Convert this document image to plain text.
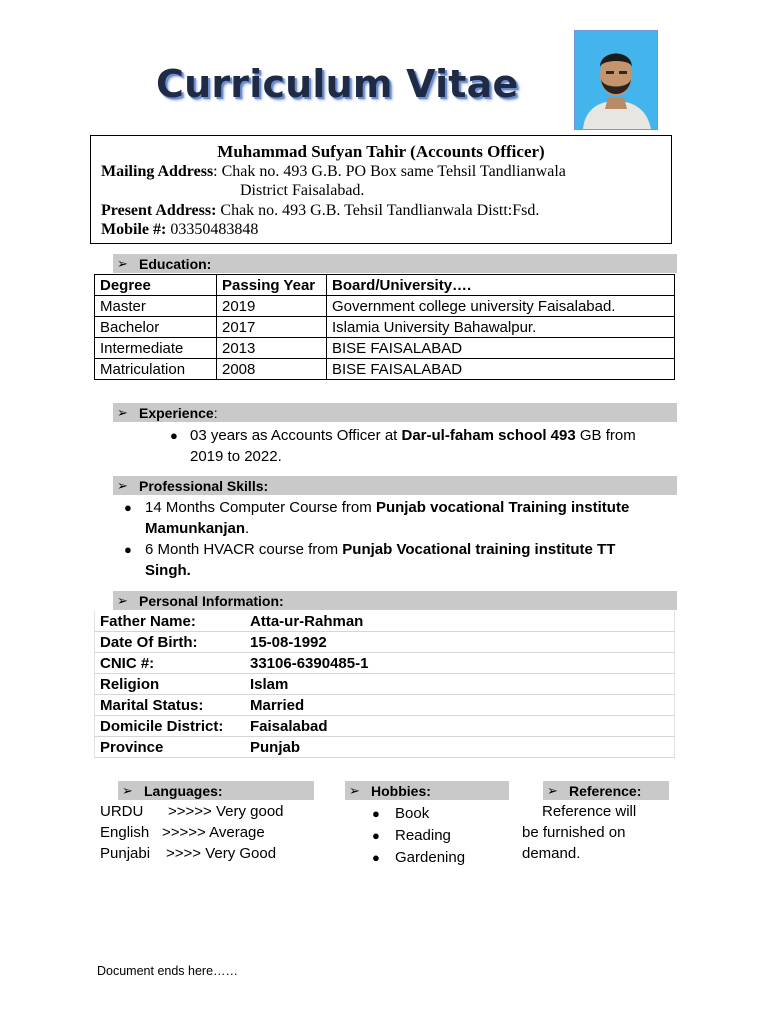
Curriculum Vitae
Muhammad Sufyan Tahir (Accounts Officer)
Mailing Address: Chak no. 493 G.B. PO Box same Tehsil Tandlianwala
District Faisalabad.
Present Address: Chak no. 493 G.B. Tehsil Tandlianwala Distt:Fsd.
Mobile #: 03350483848
➢ Education:
Degree	Passing Year	Board/University….
Master	2019	Government college university Faisalabad.
Bachelor	2017	Islamia University Bahawalpur.
Intermediate	2013	BISE FAISALABAD
Matriculation	2008	BISE FAISALABAD
➢ Experience :
● 03 years as Accounts Officer at Dar-ul-faham school 493 GB from
2019 to 2022.
➢ Professional Skills:
● 14 Months Computer Course from Punjab vocational Training institute
Mamunkanjan.
● 6 Month HVACR course from Punjab Vocational training institute TT
Singh.
➢ Personal Information:
Father Name:	Atta-ur-Rahman
Date Of Birth:	15-08-1992
CNIC #:	33106-6390485-1
Religion	Islam
Marital Status:	Married
Domicile District:	Faisalabad
Province	Punjab
➢ Languages:
URDU >>>>> Very good
English >>>>> Average
Punjabi >>>> Very Good
➢ Hobbies:
● Book
● Reading
● Gardening
➢ Reference:
Reference will
be furnished on
demand.
Document ends here……
